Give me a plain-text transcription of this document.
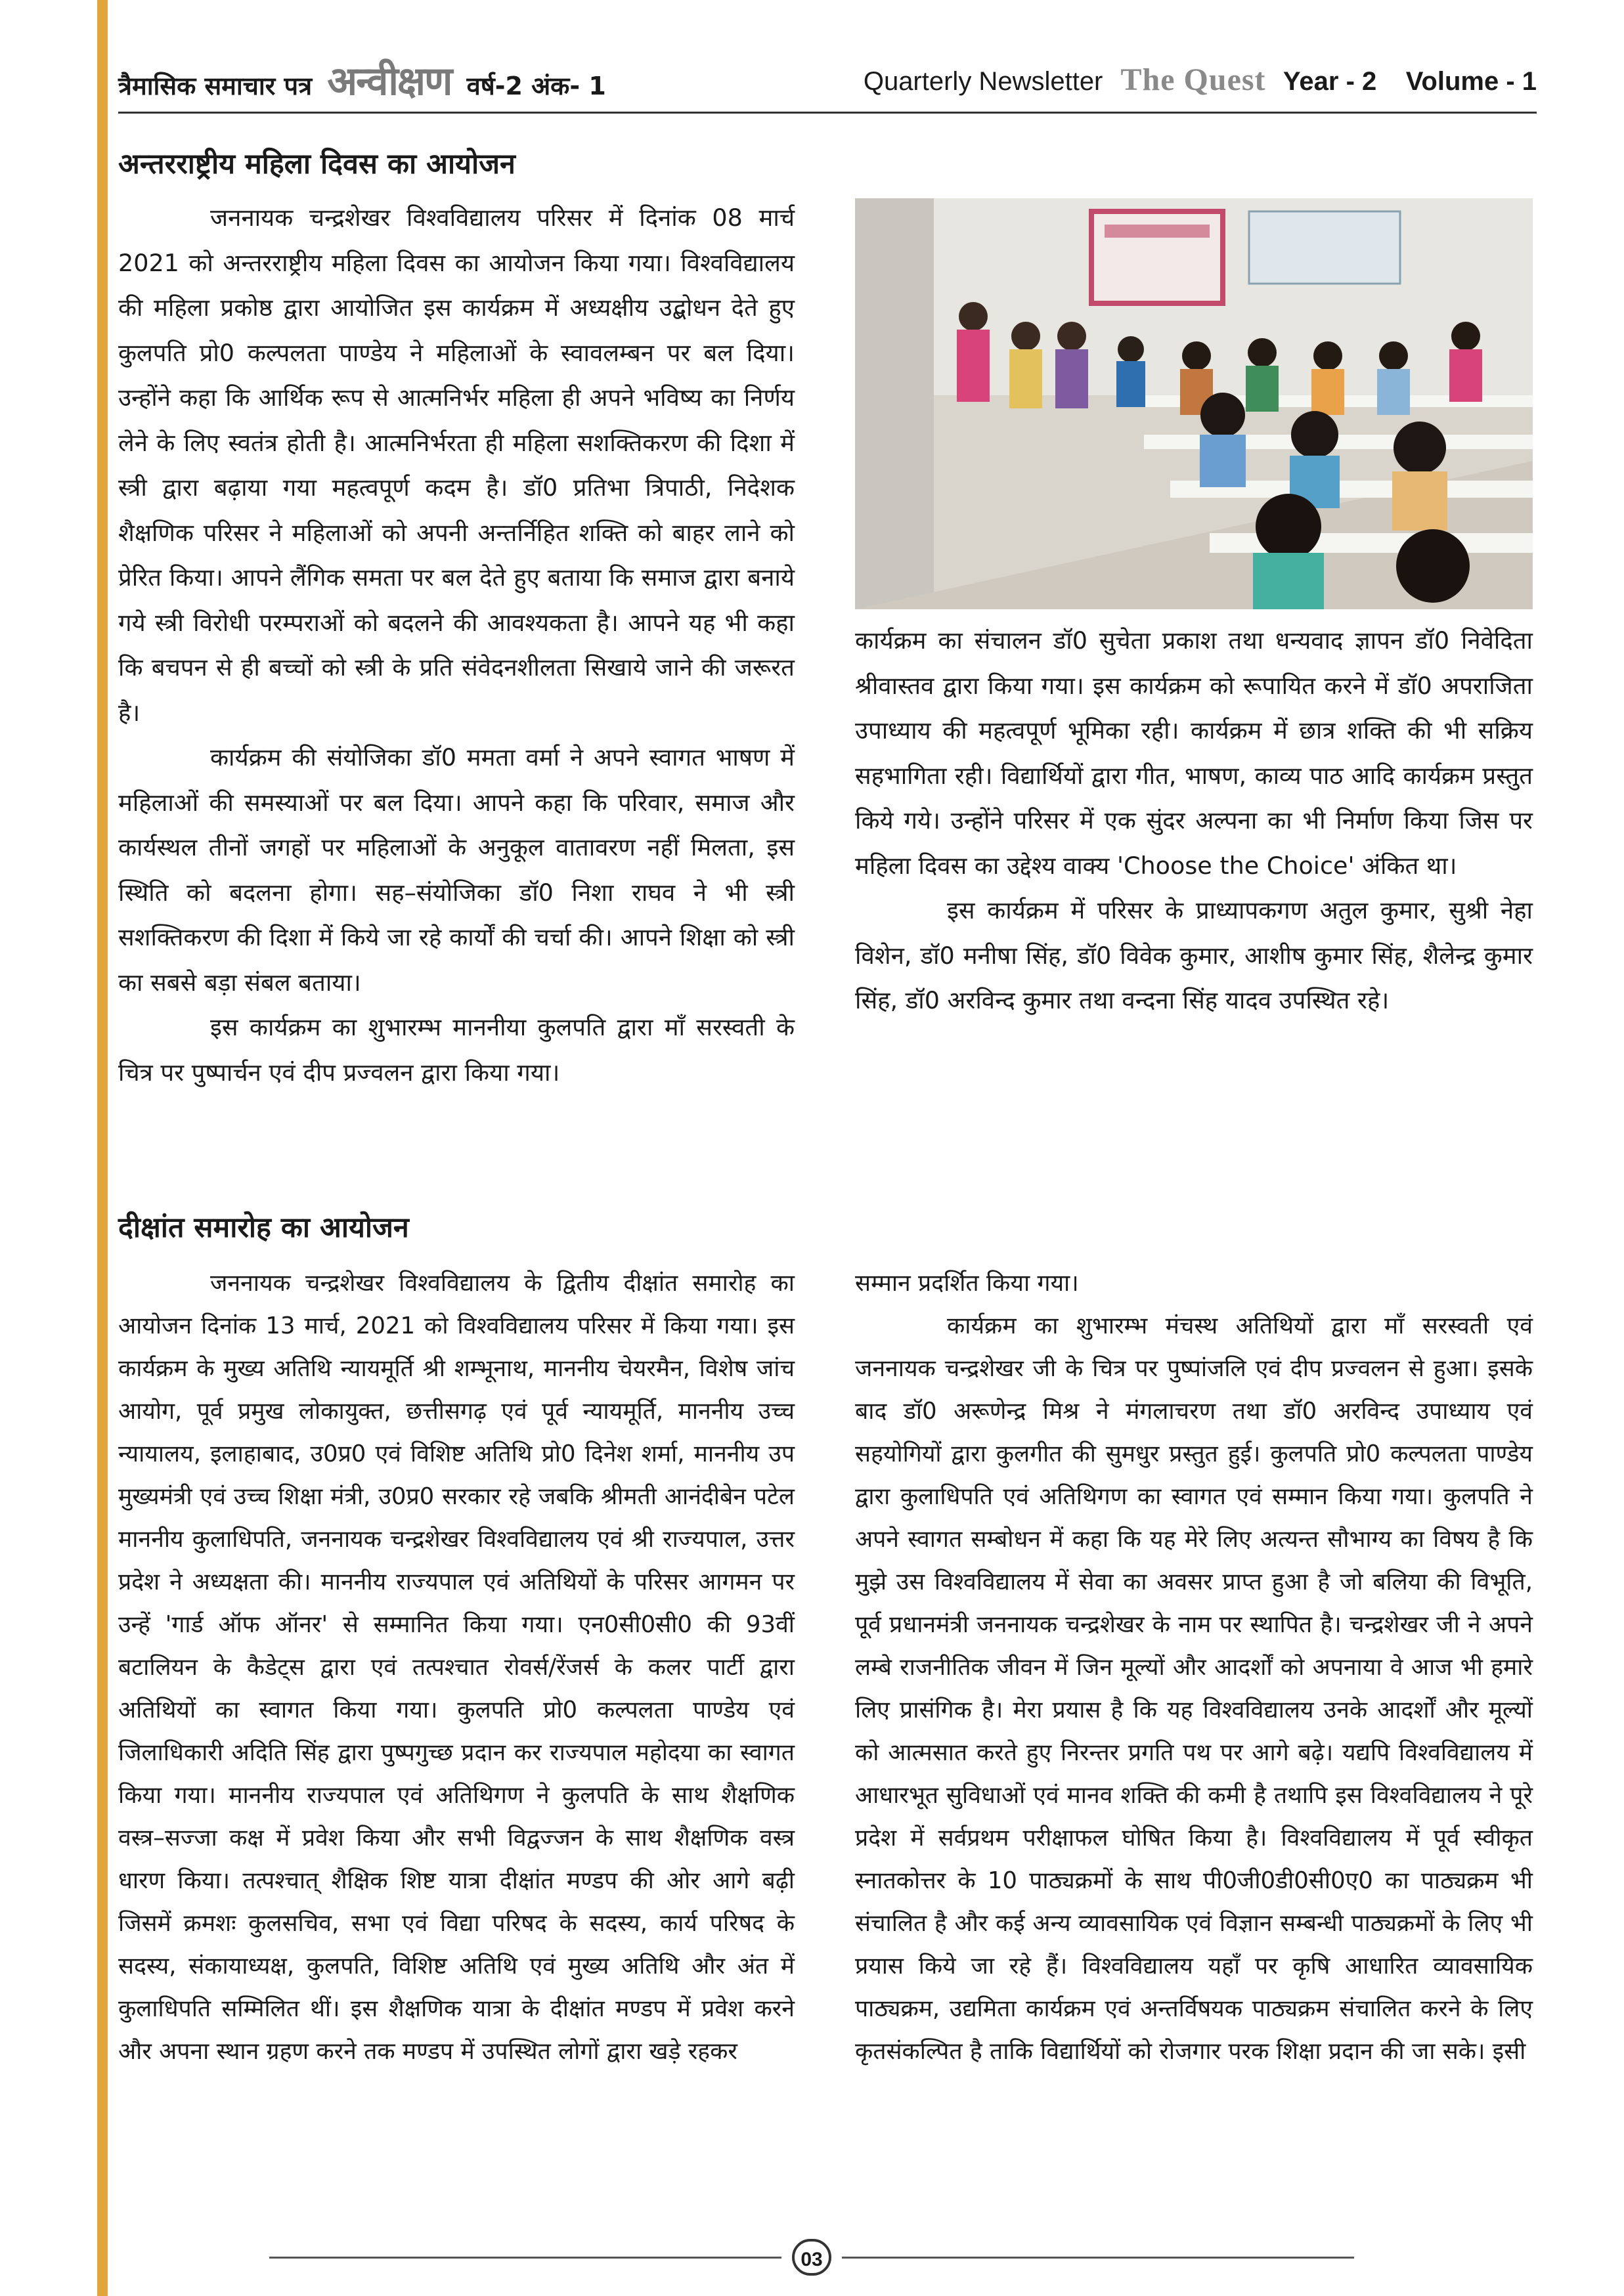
त्रैमासिक समाचार पत्र अन्वीक्षण वर्ष-2 अंक- 1	Quarterly Newsletter The Quest Year - 2 Volume - 1
अन्तरराष्ट्रीय महिला दिवस का आयोजन

जननायक चन्द्रशेखर विश्वविद्यालय परिसर में दिनांक 08 मार्च 2021 को अन्तरराष्ट्रीय महिला दिवस का आयोजन किया गया। विश्वविद्यालय की महिला प्रकोष्ठ द्वारा आयोजित इस कार्यक्रम में अध्यक्षीय उद्बोधन देते हुए कुलपति प्रो0 कल्पलता पाण्डेय ने महिलाओं के स्वावलम्बन पर बल दिया। उन्होंने कहा कि आर्थिक रूप से आत्मनिर्भर महिला ही अपने भविष्य का निर्णय लेने के लिए स्वतंत्र होती है। आत्मनिर्भरता ही महिला सशक्तिकरण की दिशा में स्त्री द्वारा बढ़ाया गया महत्वपूर्ण कदम है। डॉ0 प्रतिभा त्रिपाठी, निदेशक शैक्षणिक परिसर ने महिलाओं को अपनी अन्तर्निहित शक्ति को बाहर लाने को प्रेरित किया। आपने लैंगिक समता पर बल देते हुए बताया कि समाज द्वारा बनाये गये स्त्री विरोधी परम्पराओं को बदलने की आवश्यकता है। आपने यह भी कहा कि बचपन से ही बच्चों को स्त्री के प्रति संवेदनशीलता सिखाये जाने की जरूरत है।

कार्यक्रम की संयोजिका डॉ0 ममता वर्मा ने अपने स्वागत भाषण में महिलाओं की समस्याओं पर बल दिया। आपने कहा कि परिवार, समाज और कार्यस्थल तीनों जगहों पर महिलाओं के अनुकूल वातावरण नहीं मिलता, इस स्थिति को बदलना होगा। सह–संयोजिका डॉ0 निशा राघव ने भी स्त्री सशक्तिकरण की दिशा में किये जा रहे कार्यों की चर्चा की। आपने शिक्षा को स्त्री का सबसे बड़ा संबल बताया।

इस कार्यक्रम का शुभारम्भ माननीया कुलपति द्वारा माँ सरस्वती के चित्र पर पुष्पार्चन एवं दीप प्रज्वलन द्वारा किया गया।

कार्यक्रम का संचालन डॉ0 सुचेता प्रकाश तथा धन्यवाद ज्ञापन डॉ0 निवेदिता श्रीवास्तव द्वारा किया गया। इस कार्यक्रम को रूपायित करने में डॉ0 अपराजिता उपाध्याय की महत्वपूर्ण भूमिका रही। कार्यक्रम में छात्र शक्ति की भी सक्रिय सहभागिता रही। विद्यार्थियों द्वारा गीत, भाषण, काव्य पाठ आदि कार्यक्रम प्रस्तुत किये गये। उन्होंने परिसर में एक सुंदर अल्पना का भी निर्माण किया जिस पर महिला दिवस का उद्देश्य वाक्य 'Choose the Choice' अंकित था।

इस कार्यक्रम में परिसर के प्राध्यापकगण अतुल कुमार, सुश्री नेहा विशेन, डॉ0 मनीषा सिंह, डॉ0 विवेक कुमार, आशीष कुमार सिंह, शैलेन्द्र कुमार सिंह, डॉ0 अरविन्द कुमार तथा वन्दना सिंह यादव उपस्थित रहे।

दीक्षांत समारोह का आयोजन

जननायक चन्द्रशेखर विश्वविद्यालय के द्वितीय दीक्षांत समारोह का आयोजन दिनांक 13 मार्च, 2021 को विश्वविद्यालय परिसर में किया गया। इस कार्यक्रम के मुख्य अतिथि न्यायमूर्ति श्री शम्भूनाथ, माननीय चेयरमैन, विशेष जांच आयोग, पूर्व प्रमुख लोकायुक्त, छत्तीसगढ़ एवं पूर्व न्यायमूर्ति, माननीय उच्च न्यायालय, इलाहाबाद, उ0प्र0 एवं विशिष्ट अतिथि प्रो0 दिनेश शर्मा, माननीय उप मुख्यमंत्री एवं उच्च शिक्षा मंत्री, उ0प्र0 सरकार रहे जबकि श्रीमती आनंदीबेन पटेल माननीय कुलाधिपति, जननायक चन्द्रशेखर विश्वविद्यालय एवं श्री राज्यपाल, उत्तर प्रदेश ने अध्यक्षता की। माननीय राज्यपाल एवं अतिथियों के परिसर आगमन पर उन्हें 'गार्ड ऑफ ऑनर' से सम्मानित किया गया। एन0सी0सी0 की 93वीं बटालियन के कैडेट्स द्वारा एवं तत्पश्चात रोवर्स/रेंजर्स के कलर पार्टी द्वारा अतिथियों का स्वागत किया गया। कुलपति प्रो0 कल्पलता पाण्डेय एवं जिलाधिकारी अदिति सिंह द्वारा पुष्पगुच्छ प्रदान कर राज्यपाल महोदया का स्वागत किया गया। माननीय राज्यपाल एवं अतिथिगण ने कुलपति के साथ शैक्षणिक वस्त्र–सज्जा कक्ष में प्रवेश किया और सभी विद्वज्जन के साथ शैक्षणिक वस्त्र धारण किया। तत्पश्चात् शैक्षिक शिष्ट यात्रा दीक्षांत मण्डप की ओर आगे बढ़ी जिसमें क्रमशः कुलसचिव, सभा एवं विद्या परिषद के सदस्य, कार्य परिषद के सदस्य, संकायाध्यक्ष, कुलपति, विशिष्ट अतिथि एवं मुख्य अतिथि और अंत में कुलाधिपति सम्मिलित थीं। इस शैक्षणिक यात्रा के दीक्षांत मण्डप में प्रवेश करने और अपना स्थान ग्रहण करने तक मण्डप में उपस्थित लोगों द्वारा खड़े रहकर

सम्मान प्रदर्शित किया गया।

कार्यक्रम का शुभारम्भ मंचस्थ अतिथियों द्वारा माँ सरस्वती एवं जननायक चन्द्रशेखर जी के चित्र पर पुष्पांजलि एवं दीप प्रज्वलन से हुआ। इसके बाद डॉ0 अरूणेन्द्र मिश्र ने मंगलाचरण तथा डॉ0 अरविन्द उपाध्याय एवं सहयोगियों द्वारा कुलगीत की सुमधुर प्रस्तुत हुई। कुलपति प्रो0 कल्पलता पाण्डेय द्वारा कुलाधिपति एवं अतिथिगण का स्वागत एवं सम्मान किया गया। कुलपति ने अपने स्वागत सम्बोधन में कहा कि यह मेरे लिए अत्यन्त सौभाग्य का विषय है कि मुझे उस विश्वविद्यालय में सेवा का अवसर प्राप्त हुआ है जो बलिया की विभूति, पूर्व प्रधानमंत्री जननायक चन्द्रशेखर के नाम पर स्थापित है। चन्द्रशेखर जी ने अपने लम्बे राजनीतिक जीवन में जिन मूल्यों और आदर्शों को अपनाया वे आज भी हमारे लिए प्रासंगिक है। मेरा प्रयास है कि यह विश्वविद्यालय उनके आदर्शों और मूल्यों को आत्मसात करते हुए निरन्तर प्रगति पथ पर आगे बढ़े। यद्यपि विश्वविद्यालय में आधारभूत सुविधाओं एवं मानव शक्ति की कमी है तथापि इस विश्वविद्यालय ने पूरे प्रदेश में सर्वप्रथम परीक्षाफल घोषित किया है। विश्वविद्यालय में पूर्व स्वीकृत स्नातकोत्तर के 10 पाठ्यक्रमों के साथ पी0जी0डी0सी0ए0 का पाठ्यक्रम भी संचालित है और कई अन्य व्यावसायिक एवं विज्ञान सम्बन्धी पाठ्यक्रमों के लिए भी प्रयास किये जा रहे हैं। विश्वविद्यालय यहाँ पर कृषि आधारित व्यावसायिक पाठ्यक्रम, उद्यमिता कार्यक्रम एवं अन्तर्विषयक पाठ्यक्रम संचालित करने के लिए कृतसंकल्पित है ताकि विद्यार्थियों को रोजगार परक शिक्षा प्रदान की जा सके। इसी

03
